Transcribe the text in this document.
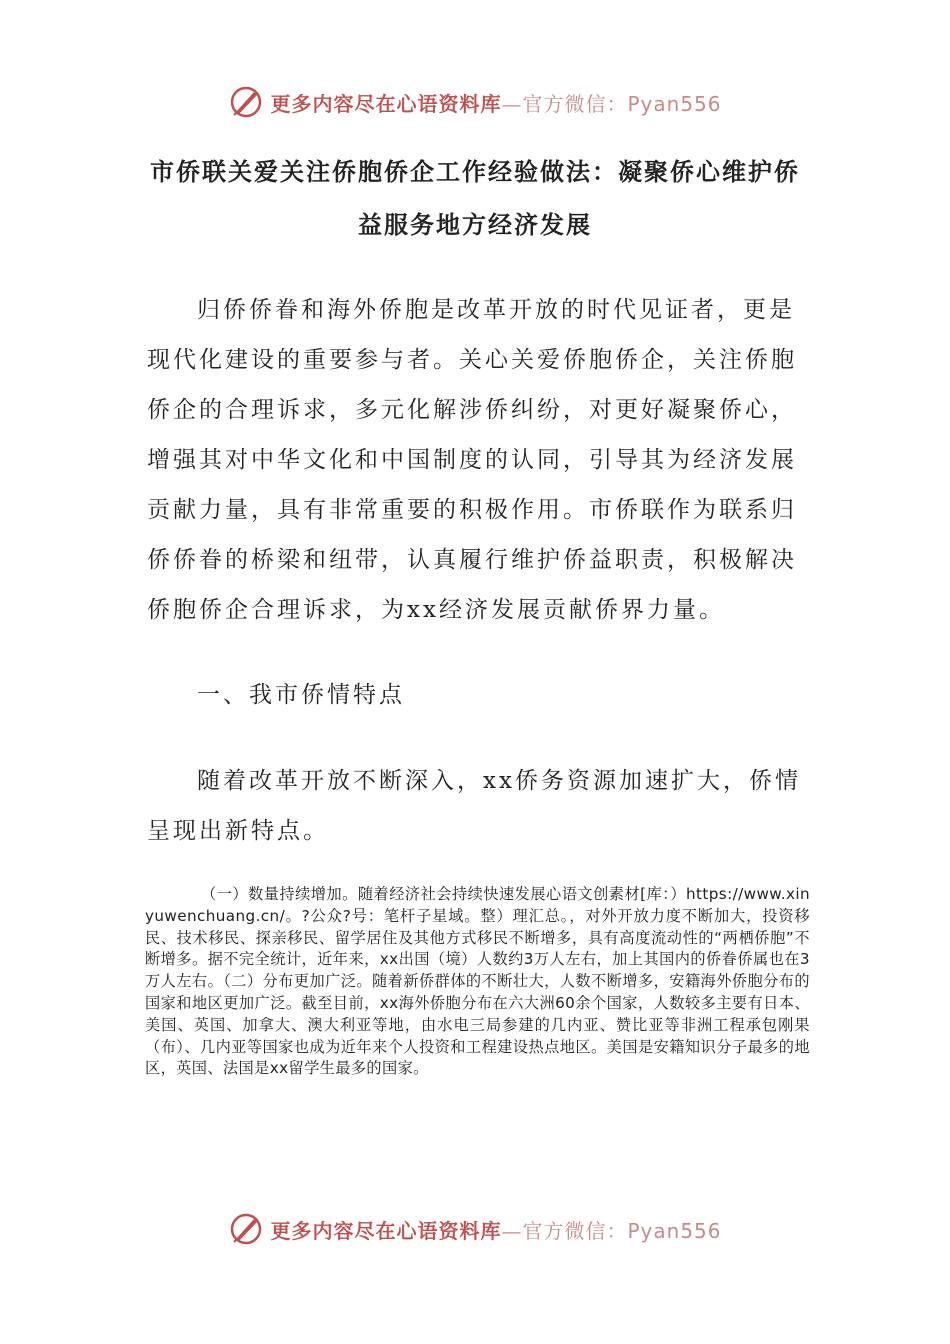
更多内容尽在心语资料库—官方微信：Pyan556
市侨联关爱关注侨胞侨企工作经验做法：凝聚侨心维护侨
益服务地方经济发展
归侨侨眷和海外侨胞是改革开放的时代见证者，更是
现代化建设的重要参与者。关心关爱侨胞侨企，关注侨胞
侨企的合理诉求，多元化解涉侨纠纷，对更好凝聚侨心，
增强其对中华文化和中国制度的认同，引导其为经济发展
贡献力量，具有非常重要的积极作用。市侨联作为联系归
侨侨眷的桥梁和纽带，认真履行维护侨益职责，积极解决
侨胞侨企合理诉求，为xx经济发展贡献侨界力量。
一、我市侨情特点
随着改革开放不断深入，xx侨务资源加速扩大，侨情
呈现出新特点。
（一）数量持续增加。随着经济社会持续快速发展心语文创素材[库：）https://www.xinyuwenchuang.cn/。?公众?号：笔杆子星域。整）理汇总。，对外开放力度不断加大，投资移民、技术移民、探亲移民、留学居住及其他方式移民不断增多，具有高度流动性的“两栖侨胞”不断增多。据不完全统计，近年来，xx出国（境）人数约3万人左右，加上其国内的侨眷侨属也在3万人左右。（二）分布更加广泛。随着新侨群体的不断壮大，人数不断增多，安籍海外侨胞分布的国家和地区更加广泛。截至目前，xx海外侨胞分布在六大洲60余个国家，人数较多主要有日本、美国、英国、加拿大、澳大利亚等地，由水电三局参建的几内亚、赞比亚等非洲工程承包刚果（布）、几内亚等国家也成为近年来个人投资和工程建设热点地区。美国是安籍知识分子最多的地区，英国、法国是xx留学生最多的国家。
更多内容尽在心语资料库—官方微信：Pyan556
